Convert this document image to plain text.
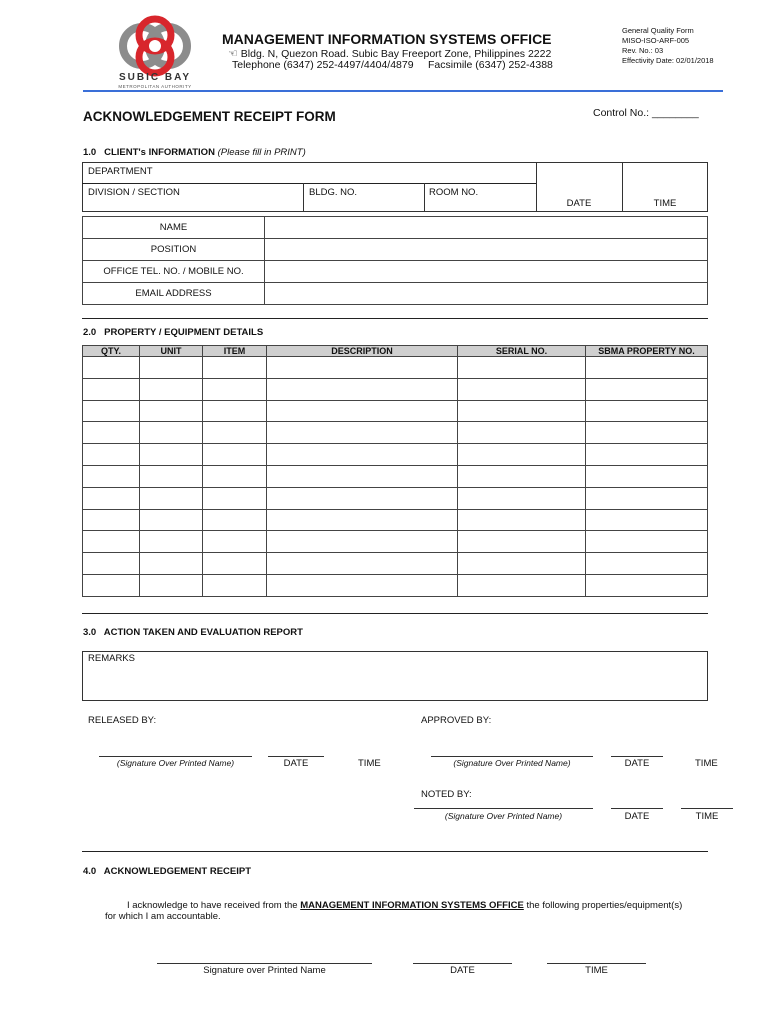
SUBIC BAY
METROPOLITAN AUTHORITY
MANAGEMENT INFORMATION SYSTEMS OFFICE
☜ Bldg. N, Quezon Road. Subic Bay Freeport Zone, Philippines 2222
Telephone (6347) 252-4497/4404/4879 Facsimile (6347) 252-4388
General Quality Form
MISO-ISO-ARF-005
Rev. No.: 03
Effectivity Date: 02/01/2018
ACKNOWLEDGEMENT RECEIPT FORM	Control No.: ________
1.0   CLIENT's INFORMATION (Please fill in PRINT)
DEPARTMENT
DIVISION / SECTION	BLDG. NO.	ROOM NO.
DATE	TIME
NAME	
POSITION	
OFFICE TEL. NO. / MOBILE NO.	
EMAIL ADDRESS	
2.0   PROPERTY / EQUIPMENT DETAILS
QTY.	UNIT	ITEM	DESCRIPTION	SERIAL NO.	SBMA PROPERTY NO.

3.0   ACTION TAKEN AND EVALUATION REPORT
REMARKS
RELEASED BY:	APPROVED BY:
(Signature Over Printed Name)	DATE	TIME	(Signature Over Printed Name)	DATE	TIME
NOTED BY:
(Signature Over Printed Name)	DATE	TIME
4.0   ACKNOWLEDGEMENT RECEIPT
I acknowledge to have received from the MANAGEMENT INFORMATION SYSTEMS OFFICE the following properties/equipment(s)
for which I am accountable.
Signature over Printed Name	DATE	TIME
